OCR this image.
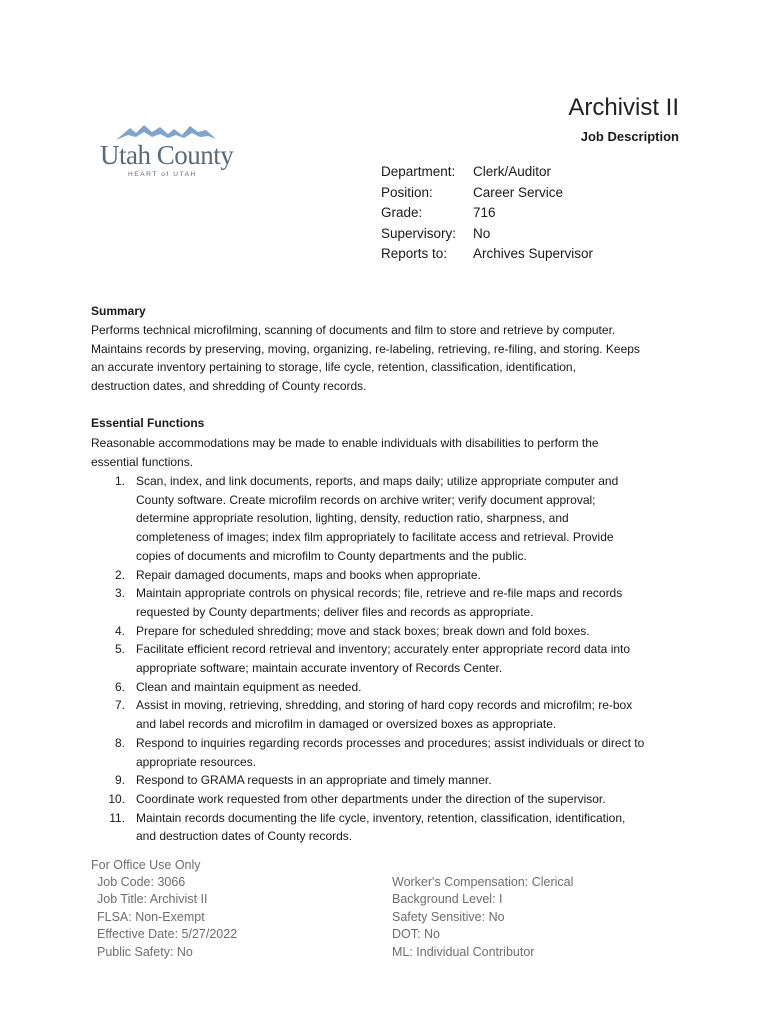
Utah County
HEART of UTAH
Archivist II
Job Description
Department: Clerk/Auditor
Position:	Career Service
Grade:	716
Supervisory: No
Reports to: Archives Supervisor
Summary
Performs technical microfilming, scanning of documents and film to store and retrieve by computer.
Maintains records by preserving, moving, organizing, re-labeling, retrieving, re-filing, and storing. Keeps
an accurate inventory pertaining to storage, life cycle, retention, classification, identification,
destruction dates, and shredding of County records.
Essential Functions
Reasonable accommodations may be made to enable individuals with disabilities to perform the
essential functions.
1. Scan, index, and link documents, reports, and maps daily; utilize appropriate computer and
County software. Create microfilm records on archive writer; verify document approval;
determine appropriate resolution, lighting, density, reduction ratio, sharpness, and
completeness of images; index film appropriately to facilitate access and retrieval. Provide
copies of documents and microfilm to County departments and the public.
2. Repair damaged documents, maps and books when appropriate.
3. Maintain appropriate controls on physical records; file, retrieve and re-file maps and records
requested by County departments; deliver files and records as appropriate.
4. Prepare for scheduled shredding; move and stack boxes; break down and fold boxes.
5. Facilitate efficient record retrieval and inventory; accurately enter appropriate record data into
appropriate software; maintain accurate inventory of Records Center.
6. Clean and maintain equipment as needed.
7. Assist in moving, retrieving, shredding, and storing of hard copy records and microfilm; re-box
and label records and microfilm in damaged or oversized boxes as appropriate.
8. Respond to inquiries regarding records processes and procedures; assist individuals or direct to
appropriate resources.
9. Respond to GRAMA requests in an appropriate and timely manner.
10. Coordinate work requested from other departments under the direction of the supervisor.
11. Maintain records documenting the life cycle, inventory, retention, classification, identification,
and destruction dates of County records.
For Office Use Only
Job Code: 3066
Job Title: Archivist II
FLSA: Non-Exempt
Effective Date: 5/27/2022
Public Safety: No
Worker's Compensation: Clerical
Background Level: I
Safety Sensitive: No
DOT: No
ML: Individual Contributor
